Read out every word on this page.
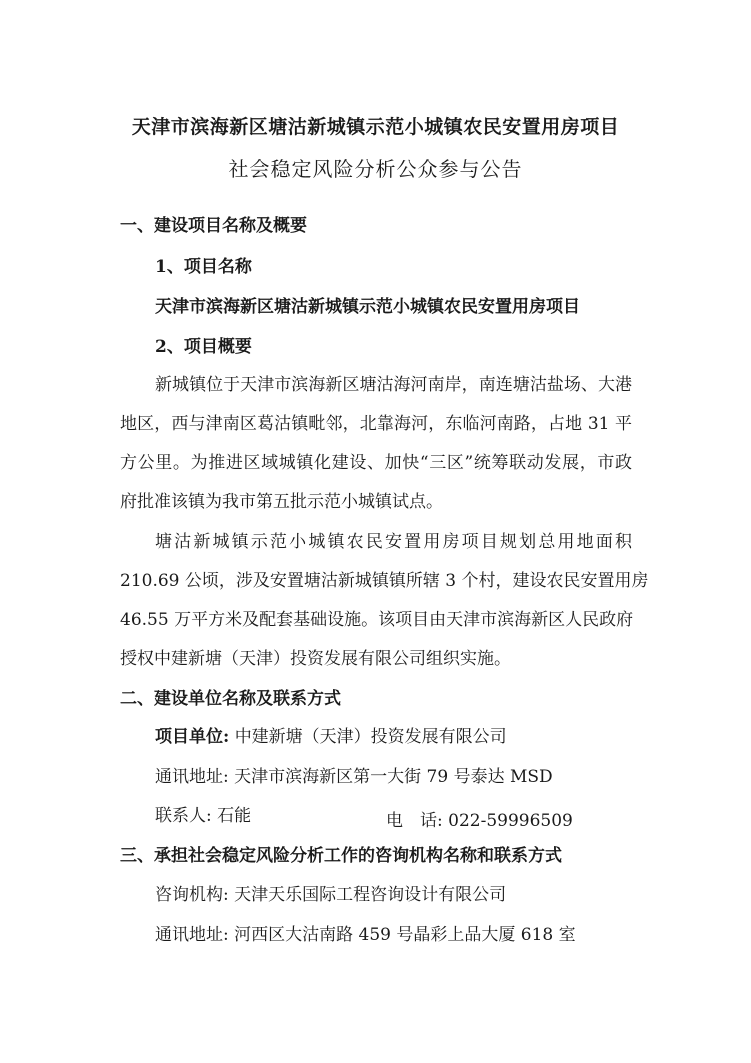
天津市滨海新区塘沽新城镇示范小城镇农民安置用房项目
社会稳定风险分析公众参与公告
一、建设项目名称及概要
1、项目名称
天津市滨海新区塘沽新城镇示范小城镇农民安置用房项目
2、项目概要
新城镇位于天津市滨海新区塘沽海河南岸，南连塘沽盐场、大港
地区，西与津南区葛沽镇毗邻，北靠海河，东临河南路，占地 31 平
方公里。为推进区域城镇化建设、加快“三区”统筹联动发展，市政
府批准该镇为我市第五批示范小城镇试点。
塘沽新城镇示范小城镇农民安置用房项目规划总用地面积
210.69 公顷，涉及安置塘沽新城镇镇所辖 3 个村，建设农民安置用房
46.55 万平方米及配套基础设施。该项目由天津市滨海新区人民政府
授权中建新塘（天津）投资发展有限公司组织实施。
二、建设单位名称及联系方式
项目单位: 中建新塘（天津）投资发展有限公司
通讯地址: 天津市滨海新区第一大街 79 号泰达 MSD
联系人: 石能	电　话: 022-59996509
三、承担社会稳定风险分析工作的咨询机构名称和联系方式
咨询机构: 天津天乐国际工程咨询设计有限公司
通讯地址: 河西区大沽南路 459 号晶彩上品大厦 618 室
